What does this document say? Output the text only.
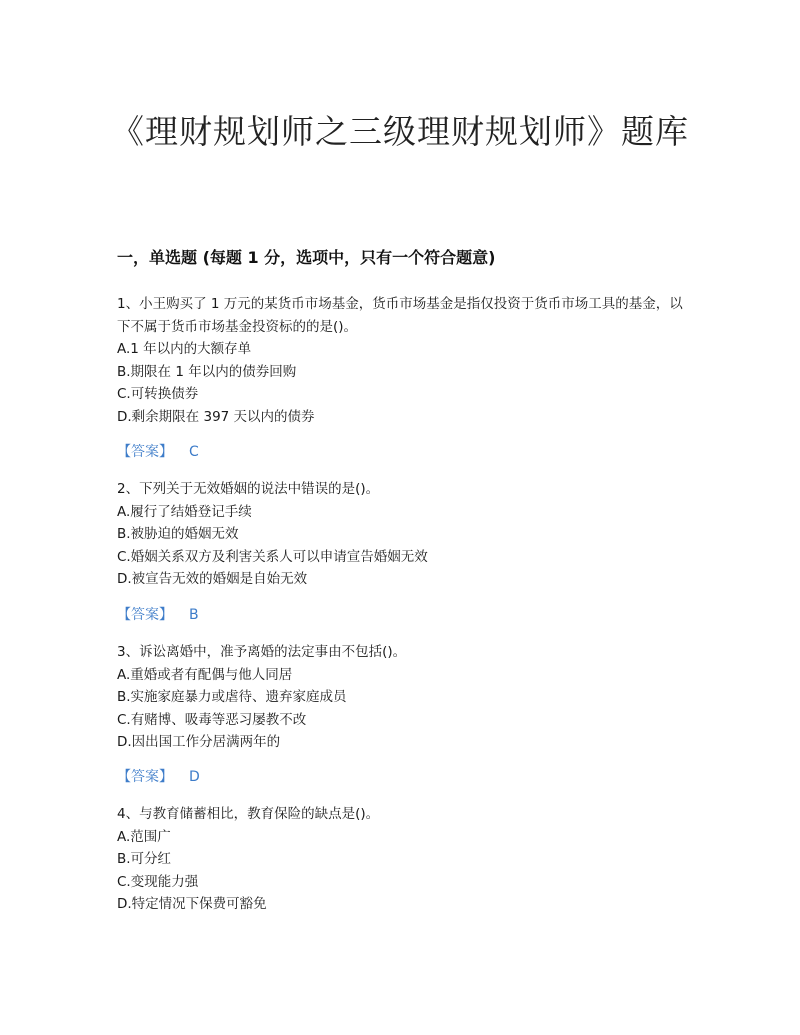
《理财规划师之三级理财规划师》题库
一，单选题 (每题 1 分，选项中，只有一个符合题意)
1、小王购买了 1 万元的某货币市场基金，货币市场基金是指仅投资于货币市场工具的基金，以下不属于货币市场基金投资标的的是()。
A.1 年以内的大额存单
B.期限在 1 年以内的债券回购
C.可转换债券
D.剩余期限在 397 天以内的债券
【答案】 C
2、下列关于无效婚姻的说法中错误的是()。
A.履行了结婚登记手续
B.被胁迫的婚姻无效
C.婚姻关系双方及利害关系人可以申请宣告婚姻无效
D.被宣告无效的婚姻是自始无效
【答案】 B
3、诉讼离婚中，准予离婚的法定事由不包括()。
A.重婚或者有配偶与他人同居
B.实施家庭暴力或虐待、遗弃家庭成员
C.有赌博、吸毒等恶习屡教不改
D.因出国工作分居满两年的
【答案】 D
4、与教育储蓄相比，教育保险的缺点是()。
A.范围广
B.可分红
C.变现能力强
D.特定情况下保费可豁免
